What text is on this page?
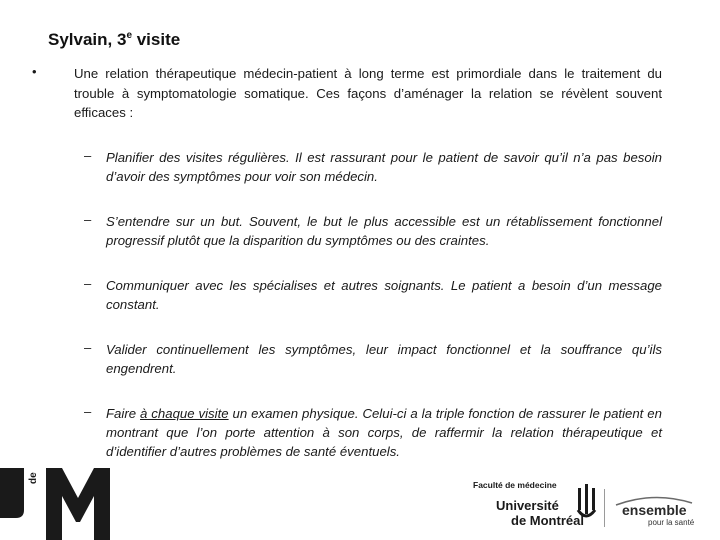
Sylvain, 3e visite
•	Une relation thérapeutique médecin-patient à long terme est primordiale dans le traitement du trouble à symptomatologie somatique. Ces façons d’aménager la relation se révèlent souvent efficaces :
– Planifier des visites régulières. Il est rassurant pour le patient de savoir qu’il n’a pas besoin d’avoir des symptômes pour voir son médecin.
– S’entendre sur un but. Souvent, le but le plus accessible est un rétablissement fonctionnel progressif plutôt que la disparition du symptômes ou des craintes.
– Communiquer avec les spécialises et autres soignants. Le patient a besoin d’un message constant.
– Valider continuellement les symptômes, leur impact fonctionnel et la souffrance qu’ils engendrent.
– Faire à chaque visite un examen physique. Celui-ci a la triple fonction de rassurer le patient en montrant que l’on porte attention à son corps, de raffermir la relation thérapeutique et d’identifier d’autres problèmes de santé éventuels.
de
Faculté de médecine
Université
de Montréal
ensemble
pour la santé
